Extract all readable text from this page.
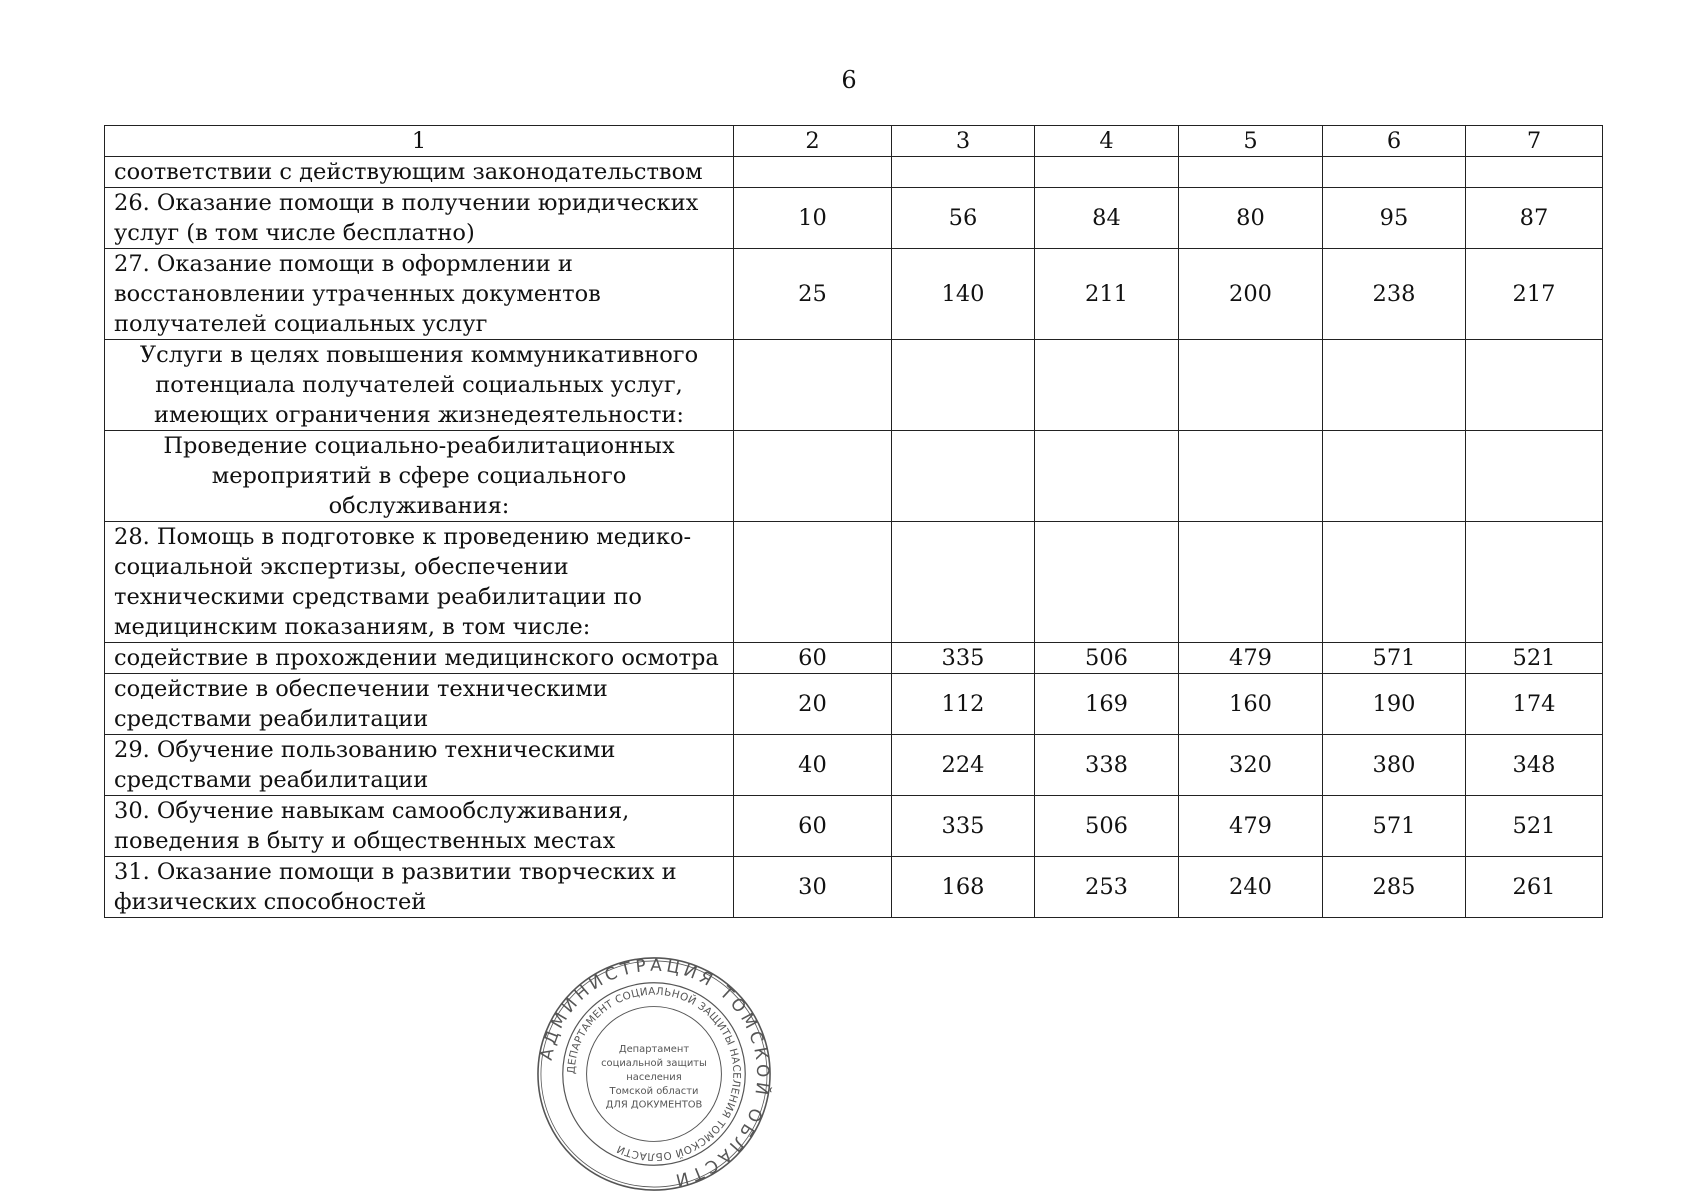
6
1	2	3	4	5	6	7
соответствии с действующим законодательством						
26. Оказание помощи в получении юридических услуг (в том числе бесплатно)	10	56	84	80	95	87
27. Оказание помощи в оформлении и восстановлении утраченных документов получателей социальных услуг	25	140	211	200	238	217
Услуги в целях повышения коммуникативного потенциала получателей социальных услуг, имеющих ограничения жизнедеятельности:						
Проведение социально-реабилитационных мероприятий в сфере социального обслуживания:						
28. Помощь в подготовке к проведению медико-социальной экспертизы, обеспечении техническими средствами реабилитации по медицинским показаниям, в том числе:						
содействие в прохождении медицинского осмотра	60	335	506	479	571	521
содействие в обеспечении техническими средствами реабилитации	20	112	169	160	190	174
29. Обучение пользованию техническими средствами реабилитации	40	224	338	320	380	348
30. Обучение навыкам самообслуживания, поведения в быту и общественных местах	60	335	506	479	571	521
31. Оказание помощи в развитии творческих и физических способностей	30	168	253	240	285	261
АДМИНИСТРАЦИЯ ТОМСКОЙ ОБЛАСТИ
ДЕПАРТАМЕНТ СОЦИАЛЬНОЙ ЗАЩИТЫ НАСЕЛЕНИЯ ТОМСКОЙ ОБЛАСТИ
Департамент
социальной защиты
населения
Томской области
ДЛЯ ДОКУМЕНТОВ
